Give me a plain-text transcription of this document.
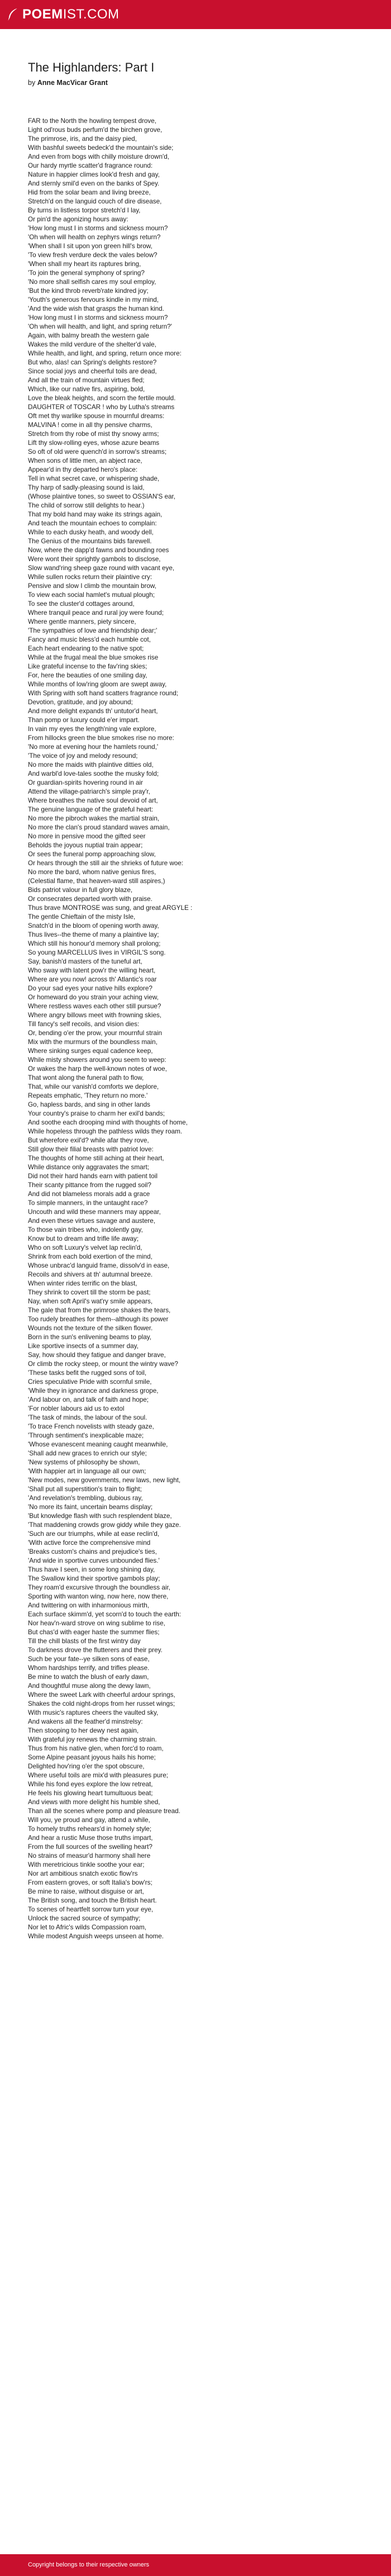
POEMIST.COM
The Highlanders: Part I
by Anne MacVicar Grant
FAR to the North the howling tempest drove,
Light od'rous buds perfum'd the birchen grove,
The primrose, iris, and the daisy pied,
With bashful sweets bedeck'd the mountain's side;
And even from bogs with chilly moisture drown'd,
Our hardy myrtle scatter'd fragrance round:
Nature in happier climes look'd fresh and gay,
And sternly smil'd even on the banks of Spey.
Hid from the solar beam and living breeze,
Stretch'd on the languid couch of dire disease,
By turns in listless torpor stretch'd I lay,
Or pin'd the agonizing hours away:
'How long must I in storms and sickness mourn?
'Oh when will health on zephyrs wings return?
'When shall I sit upon yon green hill's brow,
'To view fresh verdure deck the vales below?
'When shall my heart its raptures bring,
'To join the general symphony of spring?
'No more shall selfish cares my soul employ,
'But the kind throb reverb'rate kindred joy;
'Youth's generous fervours kindle in my mind,
'And the wide wish that grasps the human kind.
'How long must I in storms and sickness mourn?
'Oh when will health, and light, and spring return?'
Again, with balmy breath the western gale
Wakes the mild verdure of the shelter'd vale,
While health, and light, and spring, return once more:
But who, alas! can Spring's delights restore?
Since social joys and cheerful toils are dead,
And all the train of mountain virtues fled;
Which, like our native firs, aspiring, bold,
Love the bleak heights, and scorn the fertile mould.
DAUGHTER of TOSCAR ! who by Lutha's streams
Oft met thy warlike spouse in mournful dreams:
MALVINA ! come in all thy pensive charms,
Stretch from thy robe of mist thy snowy arms;
Lift thy slow-rolling eyes, whose azure beams
So oft of old were quench'd in sorrow's streams;
When sons of little men, an abject race,
Appear'd in thy departed hero's place:
Tell in what secret cave, or whispering shade,
Thy harp of sadly-pleasing sound is laid,
(Whose plaintive tones, so sweet to OSSIAN'S ear,
The child of sorrow still delights to hear.)
That my bold hand may wake its strings again,
And teach the mountain echoes to complain:
While to each dusky heath, and woody dell,
The Genius of the mountains bids farewell.
Now, where the dapp'd fawns and bounding roes
Were wont their sprightly gambols to disclose,
Slow wand'ring sheep gaze round with vacant eye,
While sullen rocks return their plaintive cry:
Pensive and slow I climb the mountain brow,
To view each social hamlet's mutual plough;
To see the cluster'd cottages around,
Where tranquil peace and rural joy were found;
Where gentle manners, piety sincere,
'The sympathies of love and friendship dear;'
Fancy and music bless'd each humble cot,
Each heart endearing to the native spot;
While at the frugal meal the blue smokes rise
Like grateful incense to the fav'ring skies;
For, here the beauties of one smiling day,
While months of low'ring gloom are swept away,
With Spring with soft hand scatters fragrance round;
Devotion, gratitude, and joy abound;
And more delight expands th' untutor'd heart,
Than pomp or luxury could e'er impart.
In vain my eyes the length'ning vale explore,
From hillocks green the blue smokes rise no more:
'No more at evening hour the hamlets round,'
'The voice of joy and melody resound;
No more the maids with plaintive ditties old,
And warbl'd love-tales soothe the musky fold;
Or guardian-spirits hovering round in air
Attend the village-patriarch's simple pray'r,
Where breathes the native soul devoid of art,
The genuine language of the grateful heart:
No more the pibroch wakes the martial strain,
No more the clan's proud standard waves amain,
No more in pensive mood the gifted seer
Beholds the joyous nuptial train appear;
Or sees the funeral pomp approaching slow,
Or hears through the still air the shrieks of future woe:
No more the bard, whom native genius fires,
(Celestial flame, that heaven-ward still aspires,)
Bids patriot valour in full glory blaze,
Or consecrates departed worth with praise.
Thus brave MONTROSE was sung, and great ARGYLE :
The gentle Chieftain of the misty Isle,
Snatch'd in the bloom of opening worth away,
Thus lives--the theme of many a plaintive lay;
Which still his honour'd memory shall prolong;
So young MARCELLUS lives in VIRGIL'S song.
Say, banish'd masters of the tuneful art,
Who sway with latent pow'r the willing heart,
Where are you now! across th' Atlantic's roar
Do your sad eyes your native hills explore?
Or homeward do you strain your aching view,
Where restless waves each other still pursue?
Where angry billows meet with frowning skies,
Till fancy's self recoils, and vision dies:
Or, bending o'er the prow, your mournful strain
Mix with the murmurs of the boundless main,
Where sinking surges equal cadence keep,
While misty showers around you seem to weep:
Or wakes the harp the well-known notes of woe,
That wont along the funeral path to flow,
That, while our vanish'd comforts we deplore,
Repeats emphatic, 'They return no more.'
Go, hapless bards, and sing in other lands
Your country's praise to charm her exil'd bands;
And soothe each drooping mind with thoughts of home,
While hopeless through the pathless wilds they roam.
But wherefore exil'd? while afar they rove,
Still glow their filial breasts with patriot love:
The thoughts of home still aching at their heart,
While distance only aggravates the smart;
Did not their hard hands earn with patient toil
Their scanty pittance from the rugged soil?
And did not blameless morals add a grace
To simple manners, in the untaught race?
Uncouth and wild these manners may appear,
And even these virtues savage and austere,
To those vain tribes who, indolently gay,
Know but to dream and trifle life away;
Who on soft Luxury's velvet lap reclin'd,
Shrink from each bold exertion of the mind,
Whose unbrac'd languid frame, dissolv'd in ease,
Recoils and shivers at th' autumnal breeze.
When winter rides terrific on the blast,
They shrink to covert till the storm be past;
Nay, when soft April's wat'ry smile appears,
The gale that from the primrose shakes the tears,
Too rudely breathes for them--although its power
Wounds not the texture of the silken flower.
Born in the sun's enlivening beams to play,
Like sportive insects of a summer day,
Say, how should they fatigue and danger brave,
Or climb the rocky steep, or mount the wintry wave?
'These tasks befit the rugged sons of toil,
Cries speculative Pride with scornful smile,
'While they in ignorance and darkness grope,
'And labour on, and talk of faith and hope;
'For nobler labours aid us to extol
'The task of minds, the labour of the soul.
'To trace French novelists with steady gaze,
'Through sentiment's inexplicable maze;
'Whose evanescent meaning caught meanwhile,
'Shall add new graces to enrich our style;
'New systems of philosophy be shown,
'With happier art in language all our own;
'New modes, new governments, new laws, new light,
'Shall put all superstition's train to flight;
'And revelation's trembling, dubious ray,
'No more its faint, uncertain beams display;
'But knowledge flash with such resplendent blaze,
'That maddening crowds grow giddy while they gaze.
'Such are our triumphs, while at ease reclin'd,
'With active force the comprehensive mind
'Breaks custom's chains and prejudice's ties,
'And wide in sportive curves unbounded flies.'
Thus have I seen, in some long shining day,
The Swallow kind their sportive gambols play;
They roam'd excursive through the boundless air,
Sporting with wanton wing, now here, now there,
And twittering on with inharmonious mirth,
Each surface skimm'd, yet scorn'd to touch the earth:
Nor heav'n-ward strove on wing sublime to rise,
But chas'd with eager haste the summer flies;
Till the chill blasts of the first wintry day
To darkness drove the flutterers and their prey.
Such be your fate--ye silken sons of ease,
Whom hardships terrify, and trifles please.
Be mine to watch the blush of early dawn,
And thoughtful muse along the dewy lawn,
Where the sweet Lark with cheerful ardour springs,
Shakes the cold night-drops from her russet wings;
With music's raptures cheers the vaulted sky,
And wakens all the feather'd minstrelsy:
Then stooping to her dewy nest again,
With grateful joy renews the charming strain.
Thus from his native glen, when forc'd to roam,
Some Alpine peasant joyous hails his home;
Delighted hov'ring o'er the spot obscure,
Where useful toils are mix'd with pleasures pure;
While his fond eyes explore the low retreat,
He feels his glowing heart tumultuous beat;
And views with more delight his humble shed,
Than all the scenes where pomp and pleasure tread.
Will you, ye proud and gay, attend a while,
To homely truths rehears'd in homely style;
And hear a rustic Muse those truths impart,
From the full sources of the swelling heart?
No strains of measur'd harmony shall here
With meretricious tinkle soothe your ear;
Nor art ambitious snatch exotic flow'rs
From eastern groves, or soft Italia's bow'rs;
Be mine to raise, without disguise or art,
The British song, and touch the British heart.
To scenes of heartfelt sorrow turn your eye,
Unlock the sacred source of sympathy;
Nor let to Afric's wilds Compassion roam,
While modest Anguish weeps unseen at home.
Copyright belongs to their respective owners
